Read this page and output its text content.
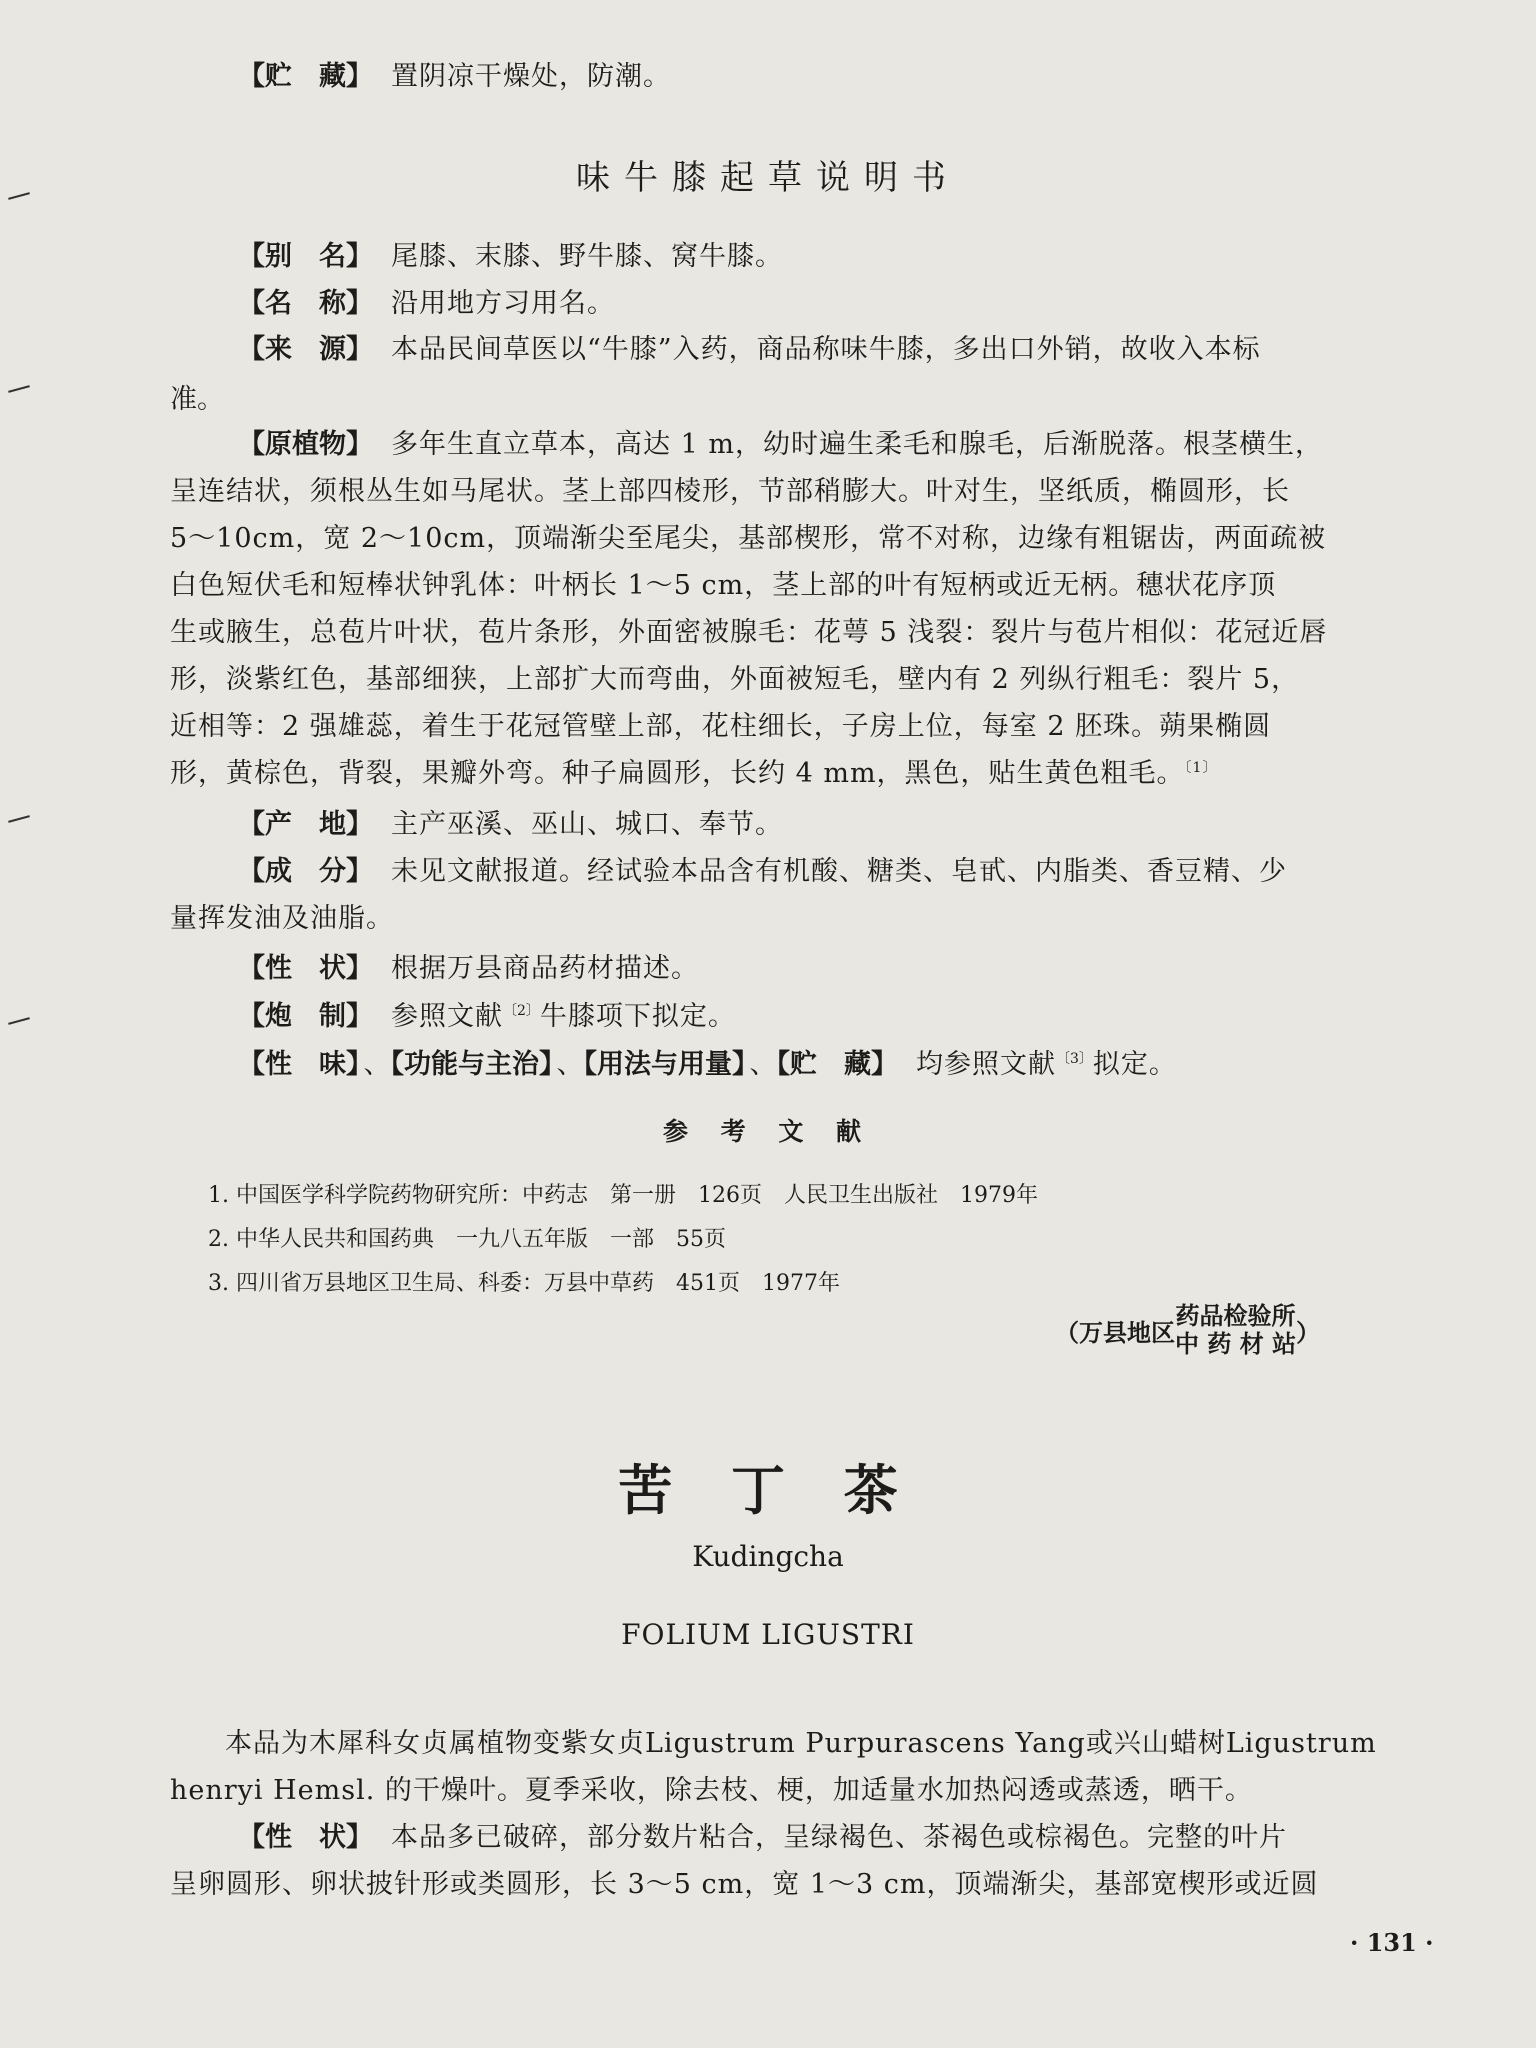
【贮　藏】 置阴凉干燥处，防潮。
味牛膝起草说明书
【别　名】 尾膝、末膝、野牛膝、窝牛膝。
【名　称】 沿用地方习用名。
【来　源】 本品民间草医以“牛膝”入药，商品称味牛膝，多出口外销，故收入本标
准。
【原植物】 多年生直立草本，高达 1 m，幼时遍生柔毛和腺毛，后渐脱落。根茎横生，
呈连结状，须根丛生如马尾状。茎上部四棱形，节部稍膨大。叶对生，坚纸质，椭圆形，长
5～10cm，宽 2～10cm，顶端渐尖至尾尖，基部楔形，常不对称，边缘有粗锯齿，两面疏被
白色短伏毛和短棒状钟乳体：叶柄长 1～5 cm，茎上部的叶有短柄或近无柄。穗状花序顶
生或腋生，总苞片叶状，苞片条形，外面密被腺毛：花萼 5 浅裂：裂片与苞片相似：花冠近唇
形，淡紫红色，基部细狭，上部扩大而弯曲，外面被短毛，壁内有 2 列纵行粗毛：裂片 5，
近相等：2 强雄蕊，着生于花冠管壁上部，花柱细长，子房上位，每室 2 胚珠。蒴果椭圆
形，黄棕色，背裂，果瓣外弯。种子扁圆形，长约 4 mm，黑色，贴生黄色粗毛。$^{〔1〕}$
【产　地】 主产巫溪、巫山、城口、奉节。
【成　分】 未见文献报道。经试验本品含有机酸、糖类、皂甙、内脂类、香豆精、少
量挥发油及油脂。
【性　状】 根据万县商品药材描述。
【炮　制】 参照文献$^{〔2〕}$牛膝项下拟定。
【性　味】 、【功能与主治】 、【用法与用量】 、【贮　藏】 均参照文献$^{〔3〕}$拟定。
参 考 文 献
1. 中国医学科学院药物研究所：中药志　第一册　126页　人民卫生出版社　1979年
2. 中华人民共和国药典　一九八五年版　一部　55页
3. 四川省万县地区卫生局、科委：万县中草药　451页　1977年
（万县地区
药品检验所
中 药 材 站 ）
苦 丁 茶
Kudingcha
FOLIUM LIGUSTRI
本品为木犀科女贞属植物变紫女贞Ligustrum Purpurascens Yang或兴山蜡树Ligustrum
henryi Hemsl. 的干燥叶。夏季采收，除去枝、梗，加适量水加热闷透或蒸透，晒干。
【性　状】 本品多已破碎，部分数片粘合，呈绿褐色、茶褐色或棕褐色。完整的叶片
呈卵圆形、卵状披针形或类圆形，长 3～5 cm，宽 1～3 cm，顶端渐尖，基部宽楔形或近圆
· 131 ·
